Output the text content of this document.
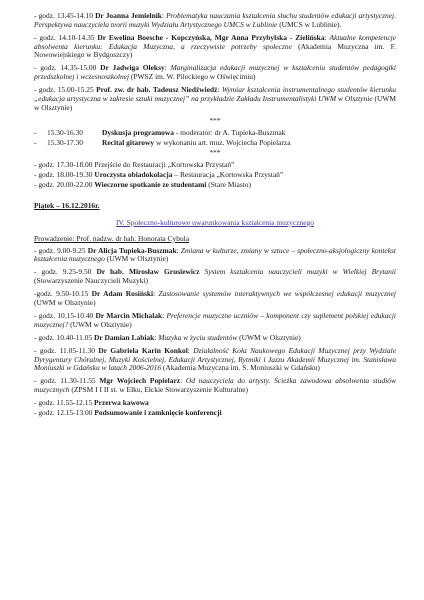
- godz. 13.45-14.10 Dr Joanna Jemielnik: Problematyka nauczania kształcenia słuchu studentów edukacji artystycznej. Perspektywa nauczyciela teorii muzyki Wydziału Artystycznego UMCS w Lublinie (UMCS w Lublinie).
- godz. 14.10-14.35 Dr Ewelina Boesche - Kopczyńska, Mgr Anna Przybylska - Zielińska: Aktualne kompetencje absolwenta kierunku: Edukacja Muzyczna, a rzeczywiste potrzeby społeczne (Akademia Muzyczna im. F. Nowowiejskiego w Bydgoszczy)
- godz. 14.35-15.00 Dr Jadwiga Oleksy: Marginalizacja edukacji muzycznej w kształceniu studentów pedagogiki przedszkolnej i wczesnoszkolnej (PWSZ im. W. Pileckiego w Oświęcimiu)
- godz. 15.00-15.25 Prof. zw. dr hab. Tadeusz Niedźwiedź: Wymiar kształcenia instrumentalnego studentów kierunku „edukacja artystyczna w zakresie sztuki muzycznej” na przykładzie Zakładu Instrumentalistyki UWM w Olsztynie (UWM w Olsztynie)
***
-	15.30-16.30	Dyskusja programowa - moderator: dr A. Tupieka-Buszmak
-	15.30-17.30	Recital gitarowy w wykonaniu art. muz. Wojciecha Popielarza
***
- godz. 17.30-18.00 Przejście do Restauracji „Kortowska Przystań”
- godz. 18.00-19.30 Uroczysta obiadokolacja – Restauracja „Kortowska Przystań”
- godz. 20.00-22.00 Wieczorne spotkanie ze studentami (Stare Miasto)
Piątek – 16.12.2016r.
IV. Społeczno-kulturowe uwarunkowania kształcenia muzycznego
Prowadzenie: Prof. nadzw. dr hab. Honorata Cybula
- godz. 9.00-9.25 Dr Alicja Tupieka-Buszmak: Zmiana w kulturze, zmiany w sztuce – społeczno-aksjologiczny kontekst kształcenia muzycznego (UWM w Olsztynie)
- godz. 9.25-9.50 Dr hab. Mirosław Grusiewicz System kształcenia nauczycieli muzyki w Wielkiej Brytanii (Stowarzyszenie Nauczycieli Muzyki)
-godz. 9.50-10.15 Dr Adam Rosiński: Zastosowanie systemów interaktywnych we współczesnej edukacji muzycznej (UWM w Olsztynie)
- godz. 10.15-10.40 Dr Marcin Michalak: Preferencje muzyczne uczniów – komponent czy suplement polskiej edukacji muzycznej? (UWM w Olsztynie)
- godz. 10.40-11.05 Dr Damian Labiak: Muzyka w życiu studentów (UWM w Olsztynie)
- godz. 11.05-11.30 Dr Gabriela Karin Konkol: Działalność Koła Naukowego Edukacji Muzycznej przy Wydziale Dyrygentury Chóralnej, Muzyki Kościelnej, Edukacji Artystycznej, Rytmiki i Jazzu Akademii Muzycznej im. Stanisława Moniuszki w Gdańsku w latach 2006-2016 (Akademia Muzyczna im. S. Moniuszki w Gdańsku)
- godz. 11.30-11.55 Mgr Wojciech Popielarz: Od nauczyciela do artysty. Ścieżka zawodowa absolwenta studiów muzycznych (ZPSM I I II st. w Ełku, Ełckie Stowarzyszenie Kulturalne)
- godz. 11.55-12.15 Przerwa kawowa
- godz. 12.15-13.00 Podsumowanie i zamknięcie konferencji
